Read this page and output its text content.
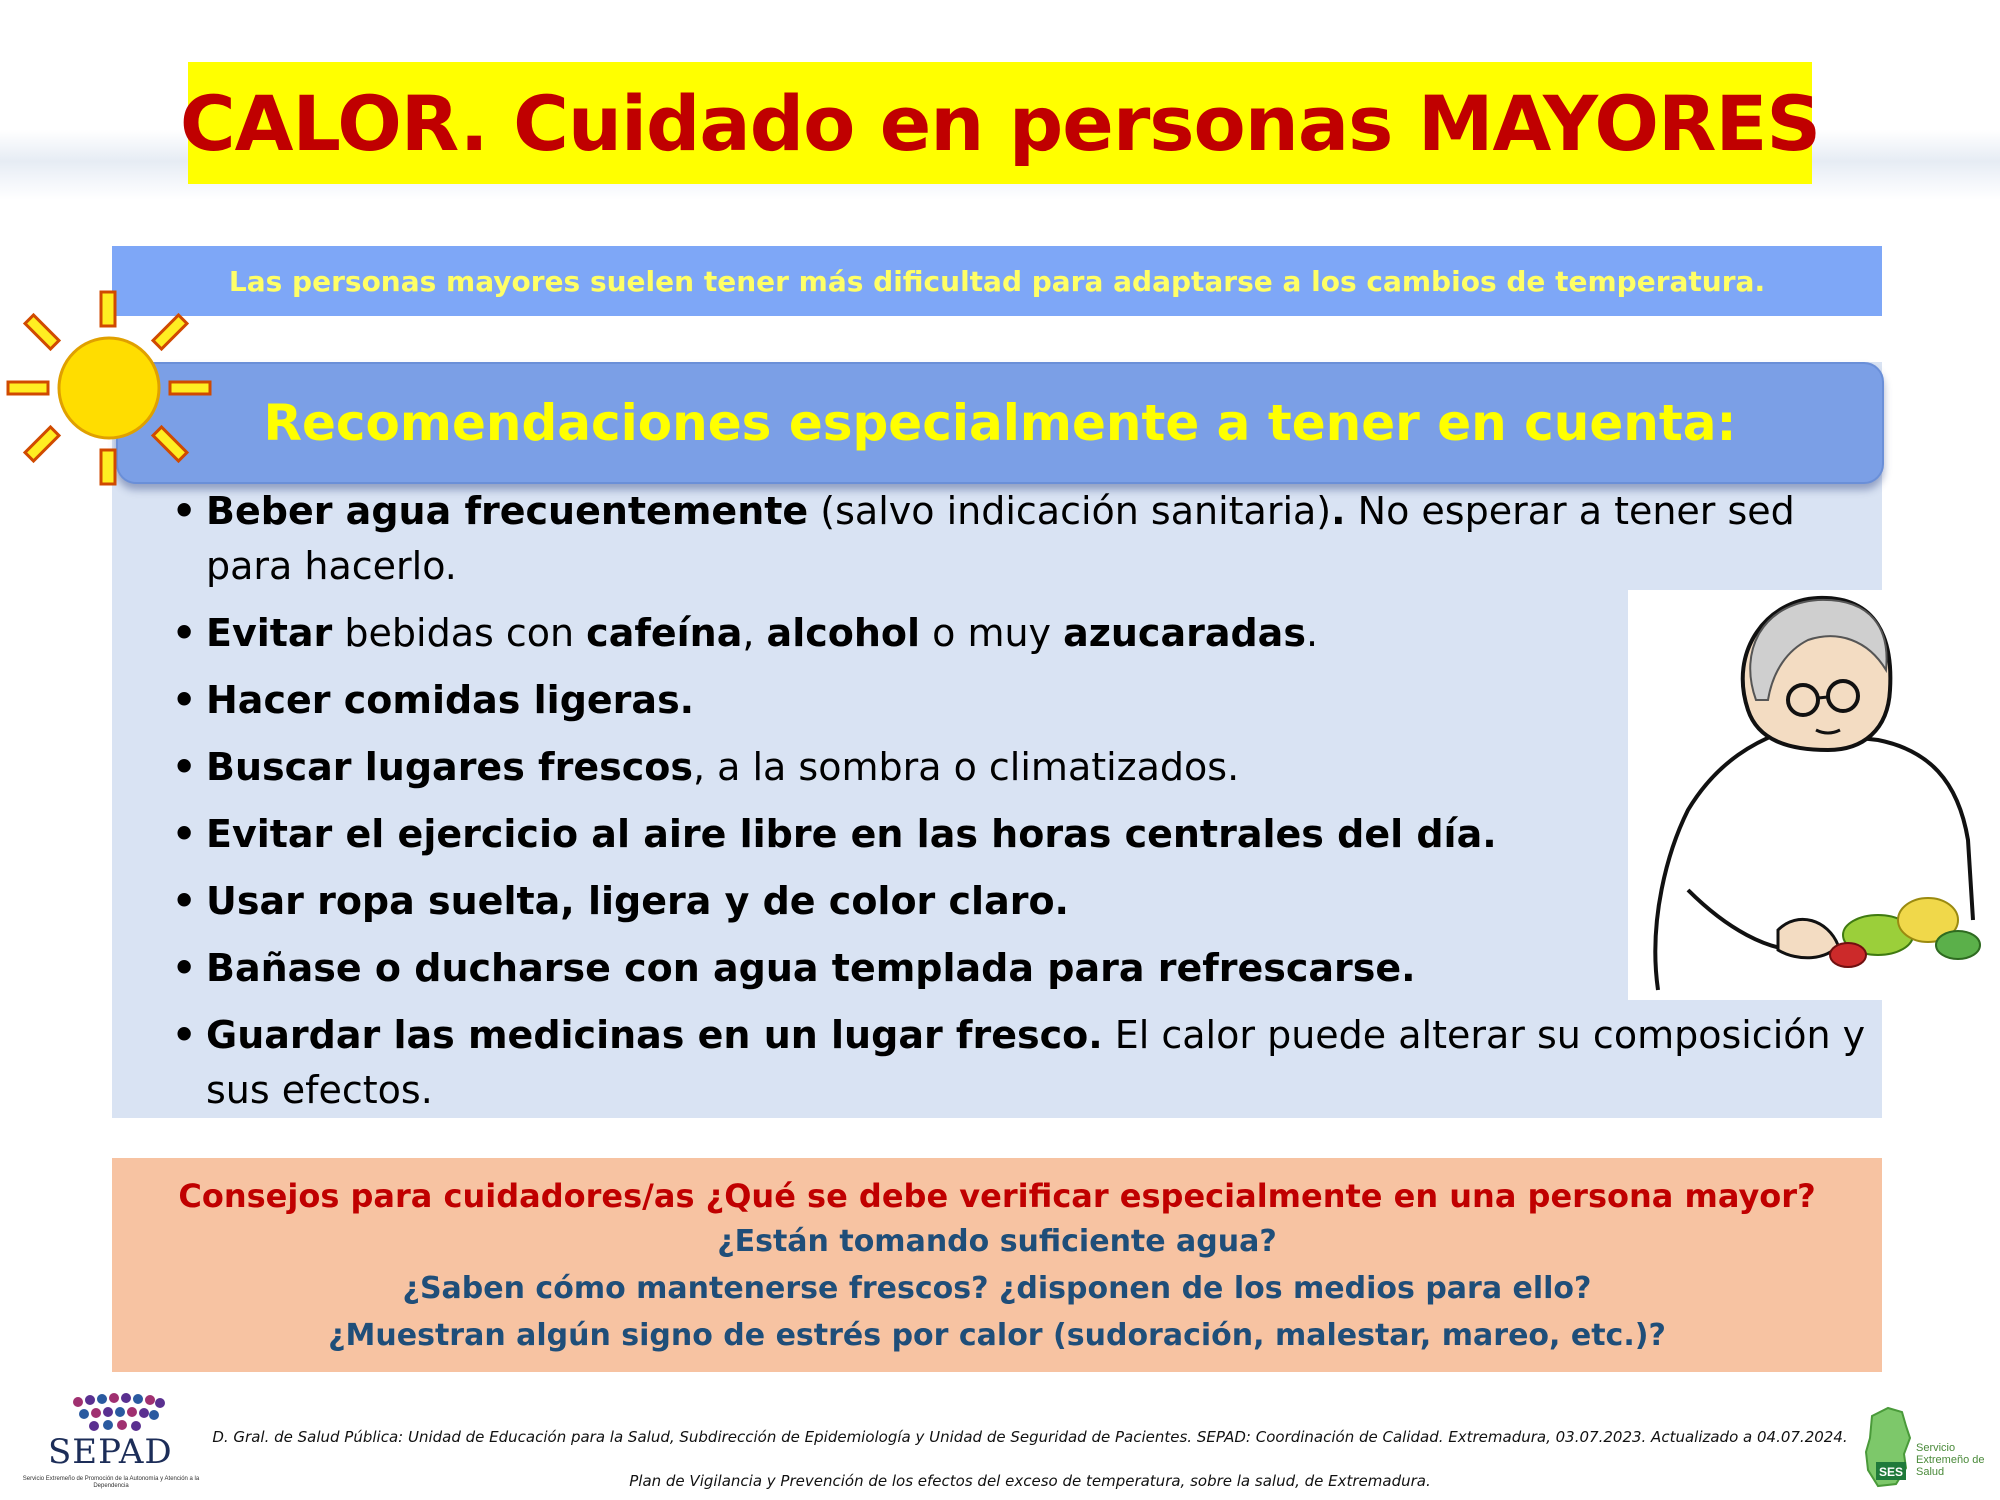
CALOR. Cuidado en personas MAYORES
Las personas mayores suelen tener más dificultad para adaptarse a los cambios de temperatura.
Recomendaciones especialmente a tener en cuenta:
• Beber agua frecuentemente (salvo indicación sanitaria). No esperar a tener sed para hacerlo.
• Evitar bebidas con cafeína, alcohol o muy azucaradas.
• Hacer comidas ligeras.
• Buscar lugares frescos, a la sombra o climatizados.
• Evitar el ejercicio al aire libre en las horas centrales del día.
• Usar ropa suelta, ligera y de color claro.
• Bañase o ducharse con agua templada para refrescarse.
• Guardar las medicinas en un lugar fresco. El calor puede alterar su composición y sus efectos.
Consejos para cuidadores/as ¿Qué se debe verificar especialmente en una persona mayor?
¿Están tomando suficiente agua?
¿Saben cómo mantenerse frescos? ¿disponen de los medios para ello?
¿Muestran algún signo de estrés por calor (sudoración, malestar, mareo, etc.)?
SEPAD
Servicio Extremeño de Promoción de la Autonomía y Atención a la Dependencia
D. Gral. de Salud Pública: Unidad de Educación para la Salud, Subdirección de Epidemiología y Unidad de Seguridad de Pacientes. SEPAD: Coordinación de Calidad. Extremadura, 03.07.2023. Actualizado a 04.07.2024.
Plan de Vigilancia y Prevención de los efectos del exceso de temperatura, sobre la salud, de Extremadura.	SES
Servicio Extremeño de Salud
